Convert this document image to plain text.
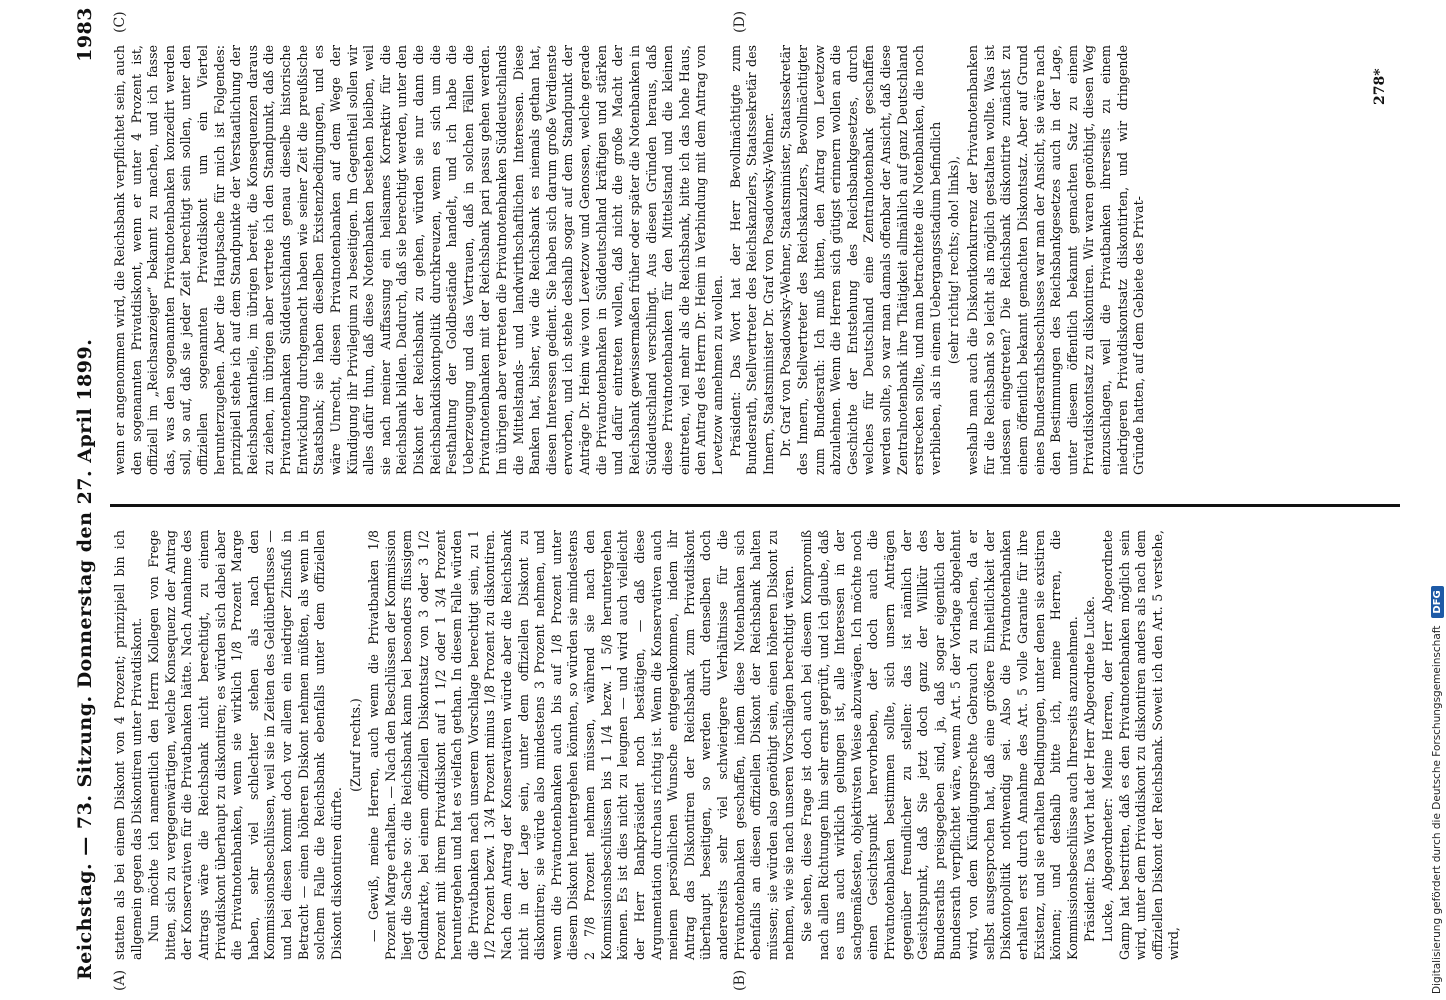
Reichstag. — 73. Sitzung. Donnerstag den 27. April 1899.
1983
(A)	(B)
(C)	(D)

statten als bei einem Diskont von 4 Prozent; prinzipiell bin ich allgemein gegen das Diskontiren unter Privatdiskont. Nun möchte ich namentlich den Herrn Kollegen von Frege bitten, sich zu vergegenwärtigen, welche Konsequenz der Antrag der Konservativen für die Privatbanken hätte. Nach Annahme des Antrags wäre die Reichsbank nicht berechtigt, zu einem Privatdiskont überhaupt zu diskontiren; es würden sich dabei aber die Privatnotenbanken, wenn sie wirklich 1/8 Prozent Marge haben, sehr viel schlechter stehen als nach den Kommissionsbeschlüssen, weil sie in Zeiten des Geldüberflusses — und bei diesen kommt doch vor allem ein niedriger Zinsfuß in Betracht — einen höheren Diskont nehmen müßten, als wenn in solchem Falle die Reichsbank ebenfalls unter dem offiziellen Diskont diskontiren dürfte.

(Zuruf rechts.) — Gewiß, meine Herren, auch wenn die Privatbanken 1/8 Prozent Marge erhalten. — Nach den Beschlüssen der Kommission liegt die Sache so: die Reichsbank kann bei besonders flüssigem Geldmarkte, bei einem offiziellen Diskontsatz von 3 oder 3 1/2 Prozent mit ihrem Privatdiskont auf 1 1/2 oder 1 3/4 Prozent heruntergehen und hat es vielfach gethan. In diesem Falle würden die Privatbanken nach unserem Vorschlage berechtigt sein, zu 1 1/2 Prozent bezw. 1 3/4 Prozent minus 1/8 Prozent zu diskontiren. Nach dem Antrag der Konservativen würde aber die Reichsbank nicht in der Lage sein, unter dem offiziellen Diskont zu diskontiren; sie würde also mindestens 3 Prozent nehmen, und wenn die Privatnotenbanken auch bis auf 1/8 Prozent unter diesem Diskont heruntergehen könnten, so würden sie mindestens 2 7/8 Prozent nehmen müssen, während sie nach den Kommissionsbeschlüssen bis 1 1/4 bezw. 1 5/8 heruntergehen können. Es ist dies nicht zu leugnen — und wird auch vielleicht der Herr Bankpräsident noch bestätigen, — daß diese Argumentation durchaus richtig ist. Wenn die Konservativen auch meinem persönlichen Wunsche entgegenkommen, indem ihr Antrag das Diskontiren der Reichsbank zum Privatdiskont überhaupt beseitigen, so werden durch denselben doch andererseits sehr viel schwierigere Verhältnisse für die Privatnotenbanken geschaffen, indem diese Notenbanken sich ebenfalls an diesen offiziellen Diskont der Reichsbank halten müssen; sie würden also genöthigt sein, einen höheren Diskont zu nehmen, wie sie nach unseren Vorschlägen berechtigt wären. Sie sehen, diese Frage ist doch auch bei diesem Kompromiß nach allen Richtungen hin sehr ernst geprüft, und ich glaube, daß es uns auch wirklich gelungen ist, alle Interessen in der sachgemäßesten, objektivsten Weise abzuwägen. Ich möchte noch einen Gesichtspunkt hervorheben, der doch auch die Privatnotenbanken bestimmen sollte, sich unsern Anträgen gegenüber freundlicher zu stellen: das ist nämlich der Gesichtspunkt, daß Sie jetzt doch ganz der Willkür des Bundesraths preisgegeben sind, ja, daß sogar eigentlich der Bundesrath verpflichtet wäre, wenn Art. 5 der Vorlage abgelehnt wird, von dem Kündigungsrechte Gebrauch zu machen, da er selbst ausgesprochen hat, daß eine größere Einheitlichkeit der Diskontopolitik nothwendig sei. Also die Privatnotenbanken erhalten erst durch Annahme des Art. 5 volle Garantie für ihre Existenz, und sie erhalten Bedingungen, unter denen sie existiren können; und deshalb bitte ich, meine Herren, die Kommissionsbeschlüsse auch Ihrerseits anzunehmen. Präsident: Das Wort hat der Herr Abgeordnete Lucke. Lucke, Abgeordneter: Meine Herren, der Herr Abgeordnete Gamp hat bestritten, daß es den Privatnotenbanken möglich sein wird, unter dem Privatdiskont zu diskontiren anders als nach dem offiziellen Diskont der Reichsbank. Soweit ich den Art. 5 verstehe, wird,

wenn er angenommen wird, die Reichsbank verpflichtet sein, auch den sogenannten Privatdiskont, wenn er unter 4 Prozent ist, offiziell im „Reichsanzeiger“ bekannt zu machen, und ich fasse das, was den sogenannten Privatnotenbanken konzedirt werden soll, so auf, daß sie jeder Zeit berechtigt sein sollen, unter den offiziellen sogenannten Privatdiskont um ein Viertel herunterzugehen. Aber die Hauptsache für mich ist Folgendes: prinzipiell stehe ich auf dem Standpunkte der Verstaatlichung der Reichsbankantheile, im übrigen bereit, die Konsequenzen daraus zu ziehen, im übrigen aber vertrete ich den Standpunkt, daß die Privatnotenbanken Süddeutschlands genau dieselbe historische Entwicklung durchgemacht haben wie seiner Zeit die preußische Staatsbank; sie haben dieselben Existenzbedingungen, und es wäre Unrecht, diesen Privatnotenbanken auf dem Wege der Kündigung ihr Privilegium zu beseitigen. Im Gegentheil sollen wir alles dafür thun, daß diese Notenbanken bestehen bleiben, weil sie nach meiner Auffassung ein heilsames Korrektiv für die Reichsbank bilden. Dadurch, daß sie berechtigt werden, unter den Diskont der Reichsbank zu gehen, würden sie nur dann die Reichsbankdiskontpolitik durchkreuzen, wenn es sich um die Festhaltung der Goldbestände handelt, und ich habe die Ueberzeugung und das Vertrauen, daß in solchen Fällen die Privatnotenbanken mit der Reichsbank pari passu gehen werden. Im übrigen aber vertreten die Privatnotenbanken Süddeutschlands die Mittelstands- und landwirthschaftlichen Interessen. Diese Banken hat, bisher, wie die Reichsbank es niemals gethan hat, diesen Interessen gedient. Sie haben sich darum große Verdienste erworben, und ich stehe deshalb sogar auf dem Standpunkt der Anträge Dr. Heim wie von Levetzow und Genossen, welche gerade die Privatnotenbanken in Süddeutschland kräftigen und stärken und dafür eintreten wollen, daß nicht die große Macht der Reichsbank gewissermaßen früher oder später die Notenbanken in Süddeutschland verschlingt. Aus diesen Gründen heraus, daß diese Privatnotenbanken für den Mittelstand und die kleinen eintreten, viel mehr als die Reichsbank, bitte ich das hohe Haus, den Antrag des Herrn Dr. Heim in Verbindung mit dem Antrag von Levetzow annehmen zu wollen. Präsident: Das Wort hat der Herr Bevollmächtigte zum Bundesrath, Stellvertreter des Reichskanzlers, Staatssekretär des Innern, Staatsminister Dr. Graf von Posadowsky-Wehner. Dr. Graf von Posadowsky-Wehner, Staatsminister, Staatssekretär des Innern, Stellvertreter des Reichskanzlers, Bevollmächtigter zum Bundesrath: Ich muß bitten, den Antrag von Levetzow abzulehnen. Wenn die Herren sich gütigst erinnern wollen an die Geschichte der Entstehung des Reichsbankgesetzes, durch welches für Deutschland eine Zentralnotenbank geschaffen werden sollte, so war man damals offenbar der Ansicht, daß diese Zentralnotenbank ihre Thätigkeit allmählich auf ganz Deutschland erstrecken sollte, und man betrachtete die Notenbanken, die noch verblieben, als in einem Uebergangsstadium befindlich (sehr richtig! rechts; oho! links), weshalb man auch die Diskontkonkurrenz der Privatnotenbanken für die Reichsbank so leicht als möglich gestalten wollte. Was ist indessen eingetreten? Die Reichsbank diskontirte zunächst zu einem öffentlich bekannt gemachten Diskontsatz. Aber auf Grund eines Bundesrathsbeschlusses war man der Ansicht, sie wäre nach den Bestimmungen des Reichsbankgesetzes auch in der Lage, unter diesem öffentlich bekannt gemachten Satz zu einem Privatdiskontsatz zu diskontiren. Wir waren genöthigt, diesen Weg einzuschlagen, weil die Privatbanken ihrerseits zu einem niedrigeren Privatdiskontsatz diskontirten, und wir dringende Gründe hatten, auf dem Gebiete des Privat-

278*
Digitalisierung gefördert durch die Deutsche Forschungsgemeinschaft
DFG
